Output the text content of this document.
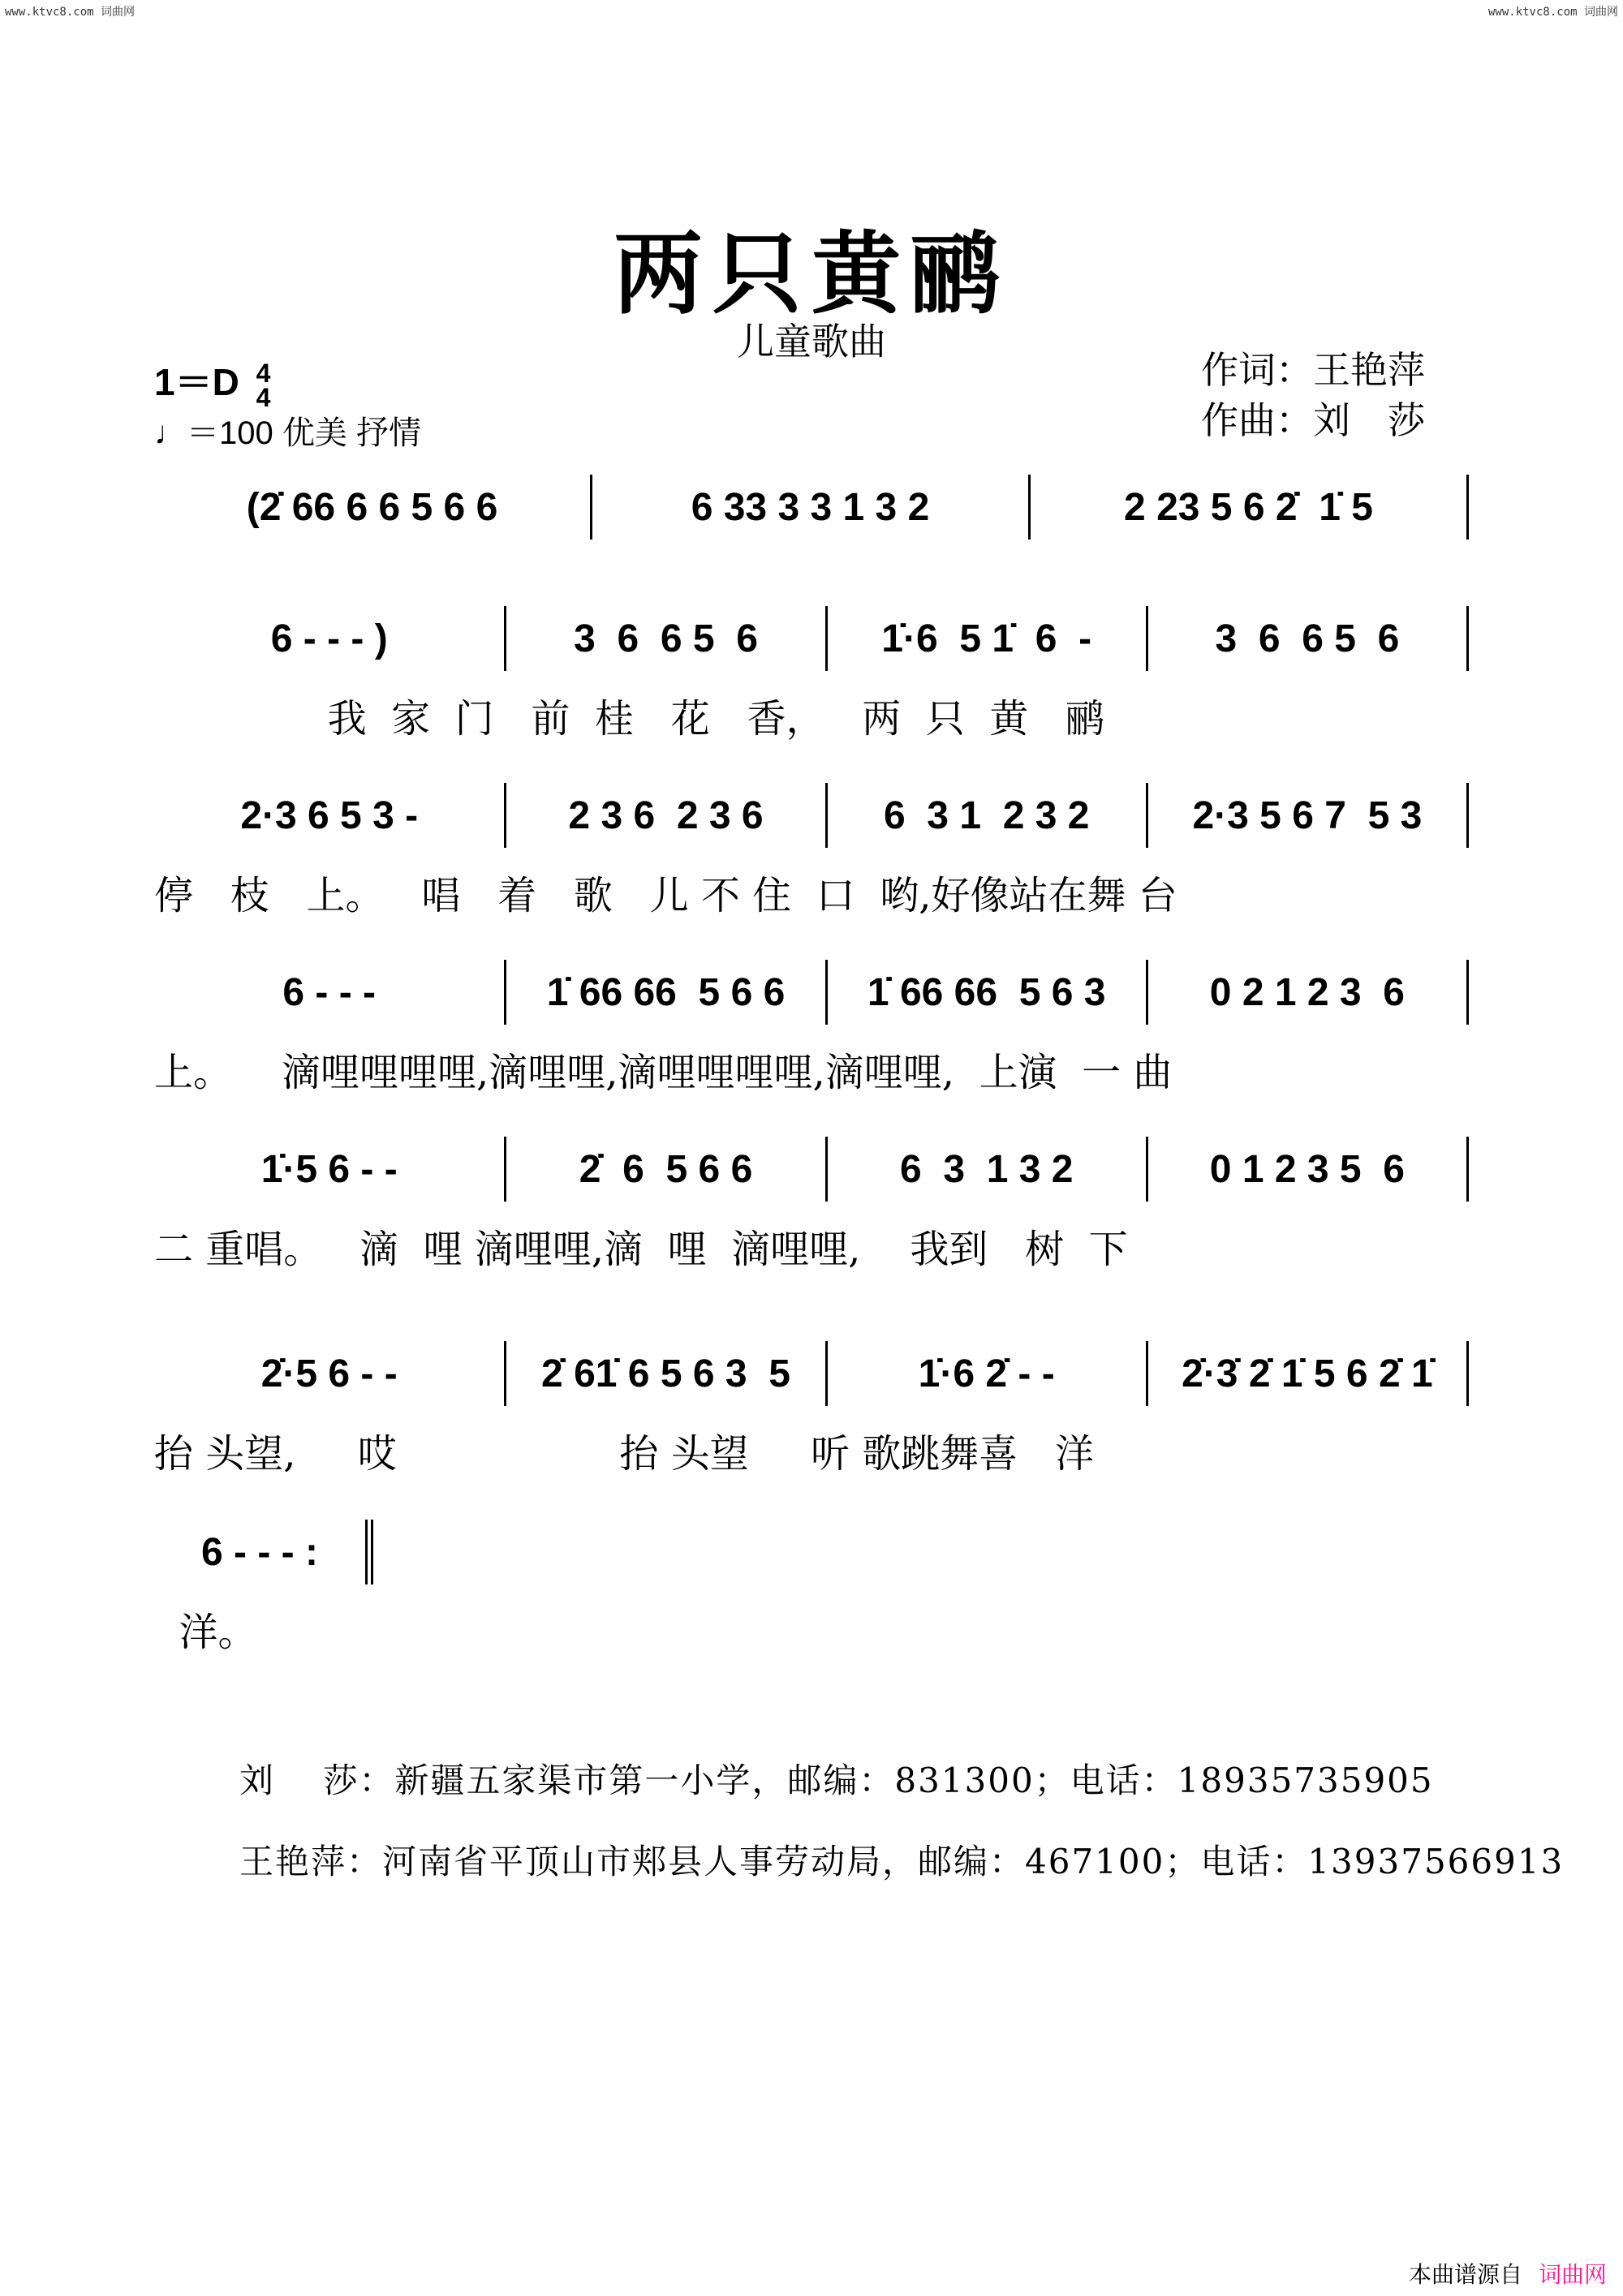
www.ktvc8.com 词曲网	www.ktvc8.com 词曲网
两只黄鹂
儿童歌曲
1＝D 4
4
♩＝100 优美 抒情
作词：王艳萍
作曲：刘　莎
(2̇ 66 6 6 5 6 6	6 33 3 3 1 3 2	2 23 5 6 2̇  1̇ 5
6 - - - )	3  6  6 5  6	1̇·6  5 1̇  6  -	3  6  6 5  6
我  家  门   前  桂   花   香，   两  只  黄   鹂
2·3 6 5 3 -	2 3 6  2 3 6	6  3 1  2 3 2	2·3 5 6 7  5 3
停   枝   上。   唱   着   歌   儿 不 住  口  哟,好像站在舞 台
6 - - -	1̇ 66 66  5 6 6	1̇ 66 66  5 6 3	0 2 1 2 3  6
上。    滴哩哩哩哩,滴哩哩,滴哩哩哩哩,滴哩哩,  上演  一 曲
1̇·5 6 - -	2̇  6  5 6 6	6  3  1 3 2	0 1 2 3 5  6
二 重唱。   滴  哩 滴哩哩,滴  哩  滴哩哩,    我到   树  下
2̇·5 6 - -	2̇ 61̇ 6 5 6 3  5	1̇·6 2̇ - -	2̇·3̇ 2̇ 1̇ 5 6 2̇ 1̇
抬 头望,     哎                  抬 头望     听 歌跳舞喜   洋
6 - - - :
洋。
刘　 莎：新疆五家渠市第一小学，邮编：831300；电话：18935735905
王艳萍：河南省平顶山市郏县人事劳动局，邮编：467100；电话：13937566913
本曲谱源自 词曲网
